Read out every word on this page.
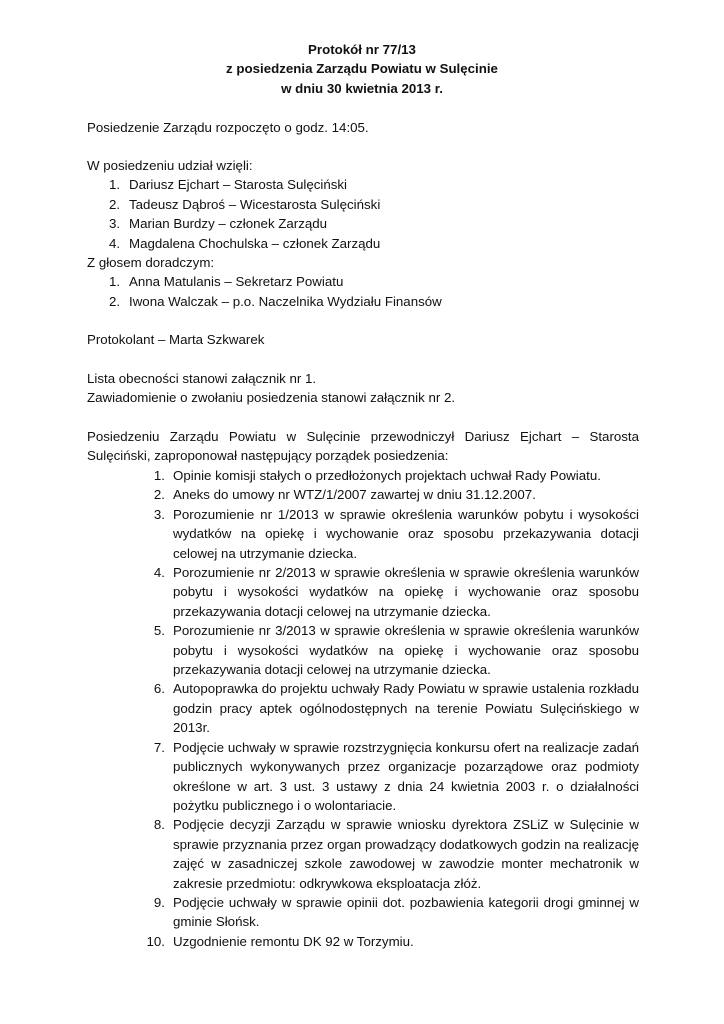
Protokół nr 77/13
z posiedzenia Zarządu Powiatu w Sulęcinie
w dniu 30 kwietnia 2013 r.
Posiedzenie Zarządu rozpoczęto o godz. 14:05.
W posiedzeniu udział wzięli:
1. Dariusz Ejchart – Starosta Sulęciński
2. Tadeusz Dąbroś – Wicestarosta Sulęciński
3. Marian Burdzy – członek Zarządu
4. Magdalena Chochulska – członek Zarządu
Z głosem doradczym:
1. Anna Matulanis – Sekretarz Powiatu
2. Iwona Walczak – p.o. Naczelnika Wydziału Finansów
Protokolant – Marta Szkwarek
Lista obecności stanowi załącznik nr 1.
Zawiadomienie o zwołaniu posiedzenia stanowi załącznik nr 2.
Posiedzeniu Zarządu Powiatu w Sulęcinie przewodniczył Dariusz Ejchart – Starosta Sulęciński, zaproponował następujący porządek posiedzenia:
1. Opinie komisji stałych o przedłożonych projektach uchwał Rady Powiatu.
2. Aneks do umowy nr WTZ/1/2007 zawartej w dniu 31.12.2007.
3. Porozumienie nr 1/2013 w sprawie określenia warunków pobytu i wysokości wydatków na opiekę i wychowanie oraz sposobu przekazywania dotacji celowej na utrzymanie dziecka.
4. Porozumienie nr 2/2013 w sprawie określenia w sprawie określenia warunków pobytu i wysokości wydatków na opiekę i wychowanie oraz sposobu przekazywania dotacji celowej na utrzymanie dziecka.
5. Porozumienie nr 3/2013 w sprawie określenia w sprawie określenia warunków pobytu i wysokości wydatków na opiekę i wychowanie oraz sposobu przekazywania dotacji celowej na utrzymanie dziecka.
6. Autopoprawka do projektu uchwały Rady Powiatu w sprawie ustalenia rozkładu godzin pracy aptek ogólnodostępnych na terenie Powiatu Sulęcińskiego w 2013r.
7. Podjęcie uchwały w sprawie rozstrzygnięcia konkursu ofert na realizacje zadań publicznych wykonywanych przez organizacje pozarządowe oraz podmioty określone w art. 3 ust. 3 ustawy z dnia 24 kwietnia 2003 r. o działalności pożytku publicznego i o wolontariacie.
8. Podjęcie decyzji Zarządu w sprawie wniosku dyrektora ZSLiZ w Sulęcinie w sprawie przyznania przez organ prowadzący dodatkowych godzin na realizację zajęć w zasadniczej szkole zawodowej w zawodzie monter mechatronik w zakresie przedmiotu: odkrywkowa eksploatacja złóż.
9. Podjęcie uchwały w sprawie opinii dot. pozbawienia kategorii drogi gminnej w gminie Słońsk.
10. Uzgodnienie remontu DK 92 w Torzymiu.
